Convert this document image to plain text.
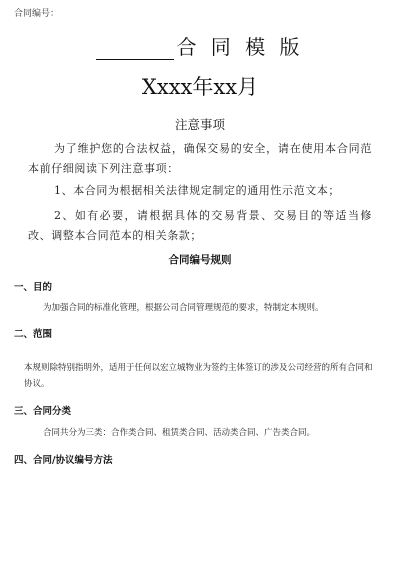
合同编号：
合 同 模 版
Xxxx年xx月
注意事项
为了维护您的合法权益，确保交易的安全，请在使用本合同范本前仔细阅读下列注意事项：
1、本合同为根据相关法律规定制定的通用性示范文本；
2、如有必要，请根据具体的交易背景、交易目的等适当修改、调整本合同范本的相关条款；
合同编号规则
一、目的
为加强合同的标准化管理，根据公司合同管理规范的要求，特制定本规则。
二、范围
本规则除特别指明外，适用于任何以宏立城物业为签约主体签订的涉及公司经营的所有合同和协议。
三、合同分类
合同共分为三类：合作类合同、租赁类合同、活动类合同、广告类合同。
四、合同/协议编号方法
